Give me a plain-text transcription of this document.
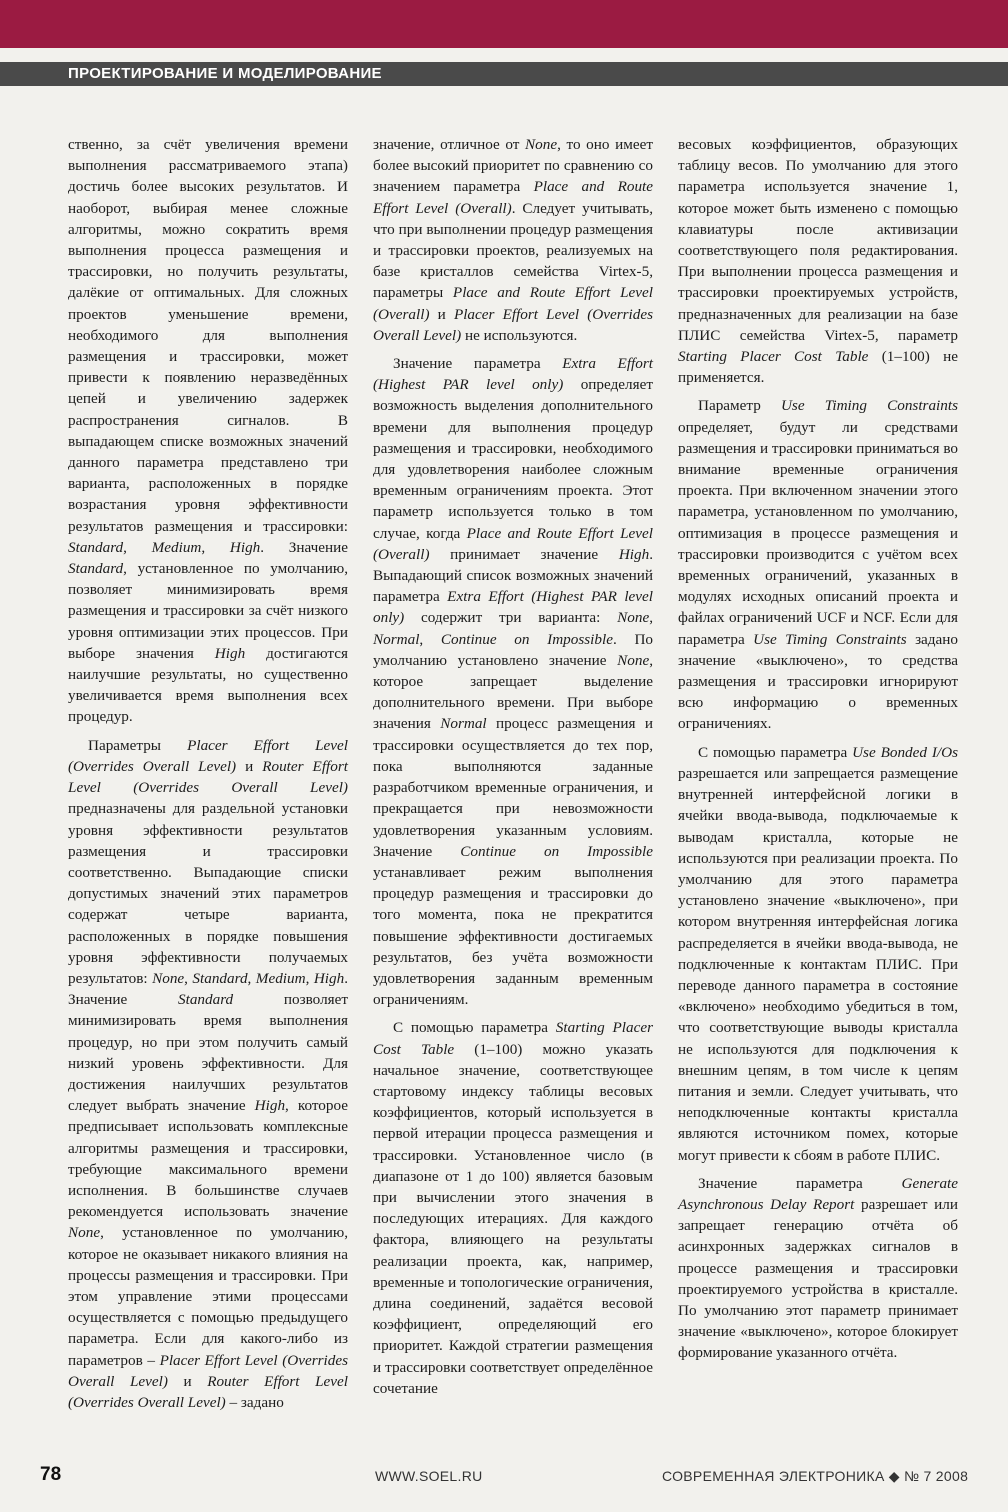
ПРОЕКТИРОВАНИЕ И МОДЕЛИРОВАНИЕ

ственно, за счёт увеличения времени выполнения рассматриваемого этапа) достичь более высоких результатов. И наоборот, выбирая менее сложные алгоритмы, можно сократить время выполнения процесса размещения и трассировки, но получить результаты, далёкие от оптимальных. Для сложных проектов уменьшение времени, необходимого для выполнения размещения и трассировки, может привести к появлению неразведённых цепей и увеличению задержек распространения сигналов. В выпадающем списке возможных значений данного параметра представлено три варианта, расположенных в порядке возрастания уровня эффективности результатов размещения и трассировки: Standard, Medium, High. Значение Standard, установленное по умолчанию, позволяет минимизировать время размещения и трассировки за счёт низкого уровня оптимизации этих процессов. При выборе значения High достигаются наилучшие результаты, но существенно увеличивается время выполнения всех процедур.

Параметры Placer Effort Level (Overrides Overall Level) и Router Effort Level (Overrides Overall Level) предназначены для раздельной установки уровня эффективности результатов размещения и трассировки соответственно. Выпадающие списки допустимых значений этих параметров содержат четыре варианта, расположенных в порядке повышения уровня эффективности получаемых результатов: None, Standard, Medium, High. Значение Standard позволяет минимизировать время выполнения процедур, но при этом получить самый низкий уровень эффективности. Для достижения наилучших результатов следует выбрать значение High, которое предписывает использовать комплексные алгоритмы размещения и трассировки, требующие максимального времени исполнения. В большинстве случаев рекомендуется использовать значение None, установленное по умолчанию, которое не оказывает никакого влияния на процессы размещения и трассировки. При этом управление этими процессами осуществляется с помощью предыдущего параметра. Если для какого-либо из параметров – Placer Effort Level (Overrides Overall Level) и Router Effort Level (Overrides Overall Level) – задано

значение, отличное от None, то оно имеет более высокий приоритет по сравнению со значением параметра Place and Route Effort Level (Overall). Следует учитывать, что при выполнении процедур размещения и трассировки проектов, реализуемых на базе кристаллов семейства Virtex-5, параметры Place and Route Effort Level (Overall) и Placer Effort Level (Overrides Overall Level) не используются.

Значение параметра Extra Effort (Highest PAR level only) определяет возможность выделения дополнительного времени для выполнения процедур размещения и трассировки, необходимого для удовлетворения наиболее сложным временным ограничениям проекта. Этот параметр используется только в том случае, когда Place and Route Effort Level (Overall) принимает значение High. Выпадающий список возможных значений параметра Extra Effort (Highest PAR level only) содержит три варианта: None, Normal, Continue on Impossible. По умолчанию установлено значение None, которое запрещает выделение дополнительного времени. При выборе значения Normal процесс размещения и трассировки осуществляется до тех пор, пока выполняются заданные разработчиком временные ограничения, и прекращается при невозможности удовлетворения указанным условиям. Значение Continue on Impossible устанавливает режим выполнения процедур размещения и трассировки до того момента, пока не прекратится повышение эффективности достигаемых результатов, без учёта возможности удовлетворения заданным временным ограничениям.

С помощью параметра Starting Placer Cost Table (1–100) можно указать начальное значение, соответствующее стартовому индексу таблицы весовых коэффициентов, который используется в первой итерации процесса размещения и трассировки. Установленное число (в диапазоне от 1 до 100) является базовым при вычислении этого значения в последующих итерациях. Для каждого фактора, влияющего на результаты реализации проекта, как, например, временные и топологические ограничения, длина соединений, задаётся весовой коэффициент, определяющий его приоритет. Каждой стратегии размещения и трассировки соответствует определённое сочетание

весовых коэффициентов, образующих таблицу весов. По умолчанию для этого параметра используется значение 1, которое может быть изменено с помощью клавиатуры после активизации соответствующего поля редактирования. При выполнении процесса размещения и трассировки проектируемых устройств, предназначенных для реализации на базе ПЛИС семейства Virtex-5, параметр Starting Placer Cost Table (1–100) не применяется.

Параметр Use Timing Constraints определяет, будут ли средствами размещения и трассировки приниматься во внимание временные ограничения проекта. При включенном значении этого параметра, установленном по умолчанию, оптимизация в процессе размещения и трассировки производится с учётом всех временных ограничений, указанных в модулях исходных описаний проекта и файлах ограничений UCF и NCF. Если для параметра Use Timing Constraints задано значение «выключено», то средства размещения и трассировки игнорируют всю информацию о временных ограничениях.

С помощью параметра Use Bonded I/Os разрешается или запрещается размещение внутренней интерфейсной логики в ячейки ввода-вывода, подключаемые к выводам кристалла, которые не используются при реализации проекта. По умолчанию для этого параметра установлено значение «выключено», при котором внутренняя интерфейсная логика распределяется в ячейки ввода-вывода, не подключенные к контактам ПЛИС. При переводе данного параметра в состояние «включено» необходимо убедиться в том, что соответствующие выводы кристалла не используются для подключения к внешним цепям, в том числе к цепям питания и земли. Следует учитывать, что неподключенные контакты кристалла являются источником помех, которые могут привести к сбоям в работе ПЛИС.

Значение параметра Generate Asynchronous Delay Report разрешает или запрещает генерацию отчёта об асинхронных задержках сигналов в процессе размещения и трассировки проектируемого устройства в кристалле. По умолчанию этот параметр принимает значение «выключено», которое блокирует формирование указанного отчёта.

78	WWW.SOEL.RU	СОВРЕМЕННАЯ ЭЛЕКТРОНИКА ◆ № 7 2008
